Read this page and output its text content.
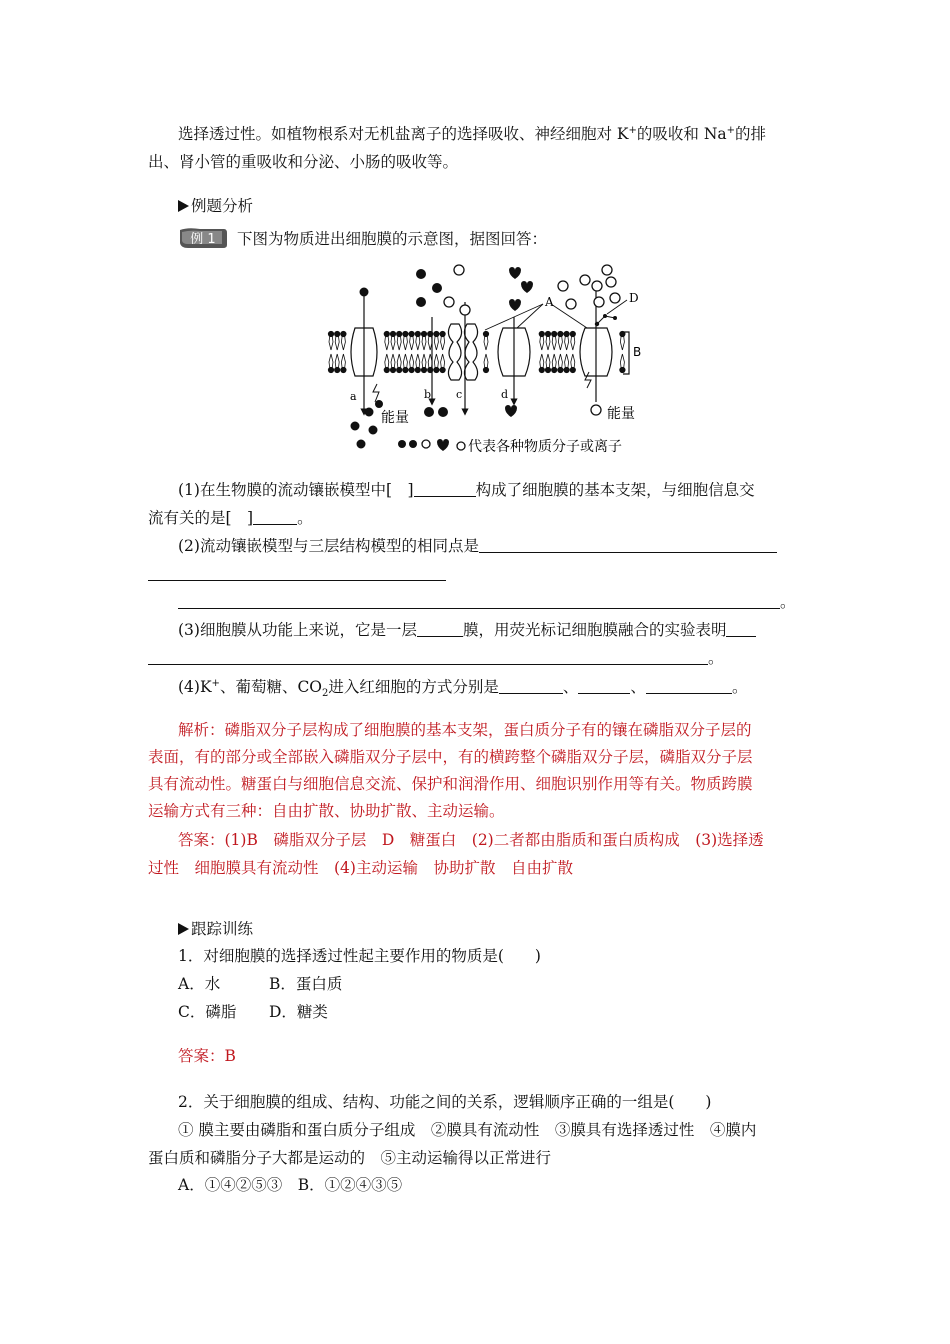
选择透过性。如植物根系对无机盐离子的选择吸收、神经细胞对 K+的吸收和 Na+的排
出、肾小管的重吸收和分泌、小肠的吸收等。
例题分析
例 1 下图为物质进出细胞膜的示意图，据图回答：
B
a	b c	d
A	D
能量	能量
代表各种物质分子或离子
(1)在生物膜的流动镶嵌模型中[　]	构成了细胞膜的基本支架，与细胞信息交
流有关的是[　]	。
(2)流动镶嵌模型与三层结构模型的相同点是
。
(3)细胞膜从功能上来说，它是一层	膜，用荧光标记细胞膜融合的实验表明
。
(4)K+、葡萄糖、$CO_2$进入红细胞的方式分别是	、	、	。
解析：磷脂双分子层构成了细胞膜的基本支架，蛋白质分子有的镶在磷脂双分子层的
表面，有的部分或全部嵌入磷脂双分子层中，有的横跨整个磷脂双分子层，磷脂双分子层
具有流动性。糖蛋白与细胞信息交流、保护和润滑作用、细胞识别作用等有关。物质跨膜
运输方式有三种：自由扩散、协助扩散、主动运输。
答案：(1)B　磷脂双分子层　D　糖蛋白　(2)二者都由脂质和蛋白质构成　(3)选择透
过性　细胞膜具有流动性　(4)主动运输　协助扩散　自由扩散
跟踪训练
1．对细胞膜的选择透过性起主要作用的物质是(　　)
A．水	B．蛋白质
C．磷脂 D．糖类
答案：B
2．关于细胞膜的组成、结构、功能之间的关系，逻辑顺序正确的一组是(　　)
① 膜主要由磷脂和蛋白质分子组成　②膜具有流动性　③膜具有选择透过性　④膜内
蛋白质和磷脂分子大都是运动的　⑤主动运输得以正常进行
A．①④②⑤③　B．①②④③⑤
